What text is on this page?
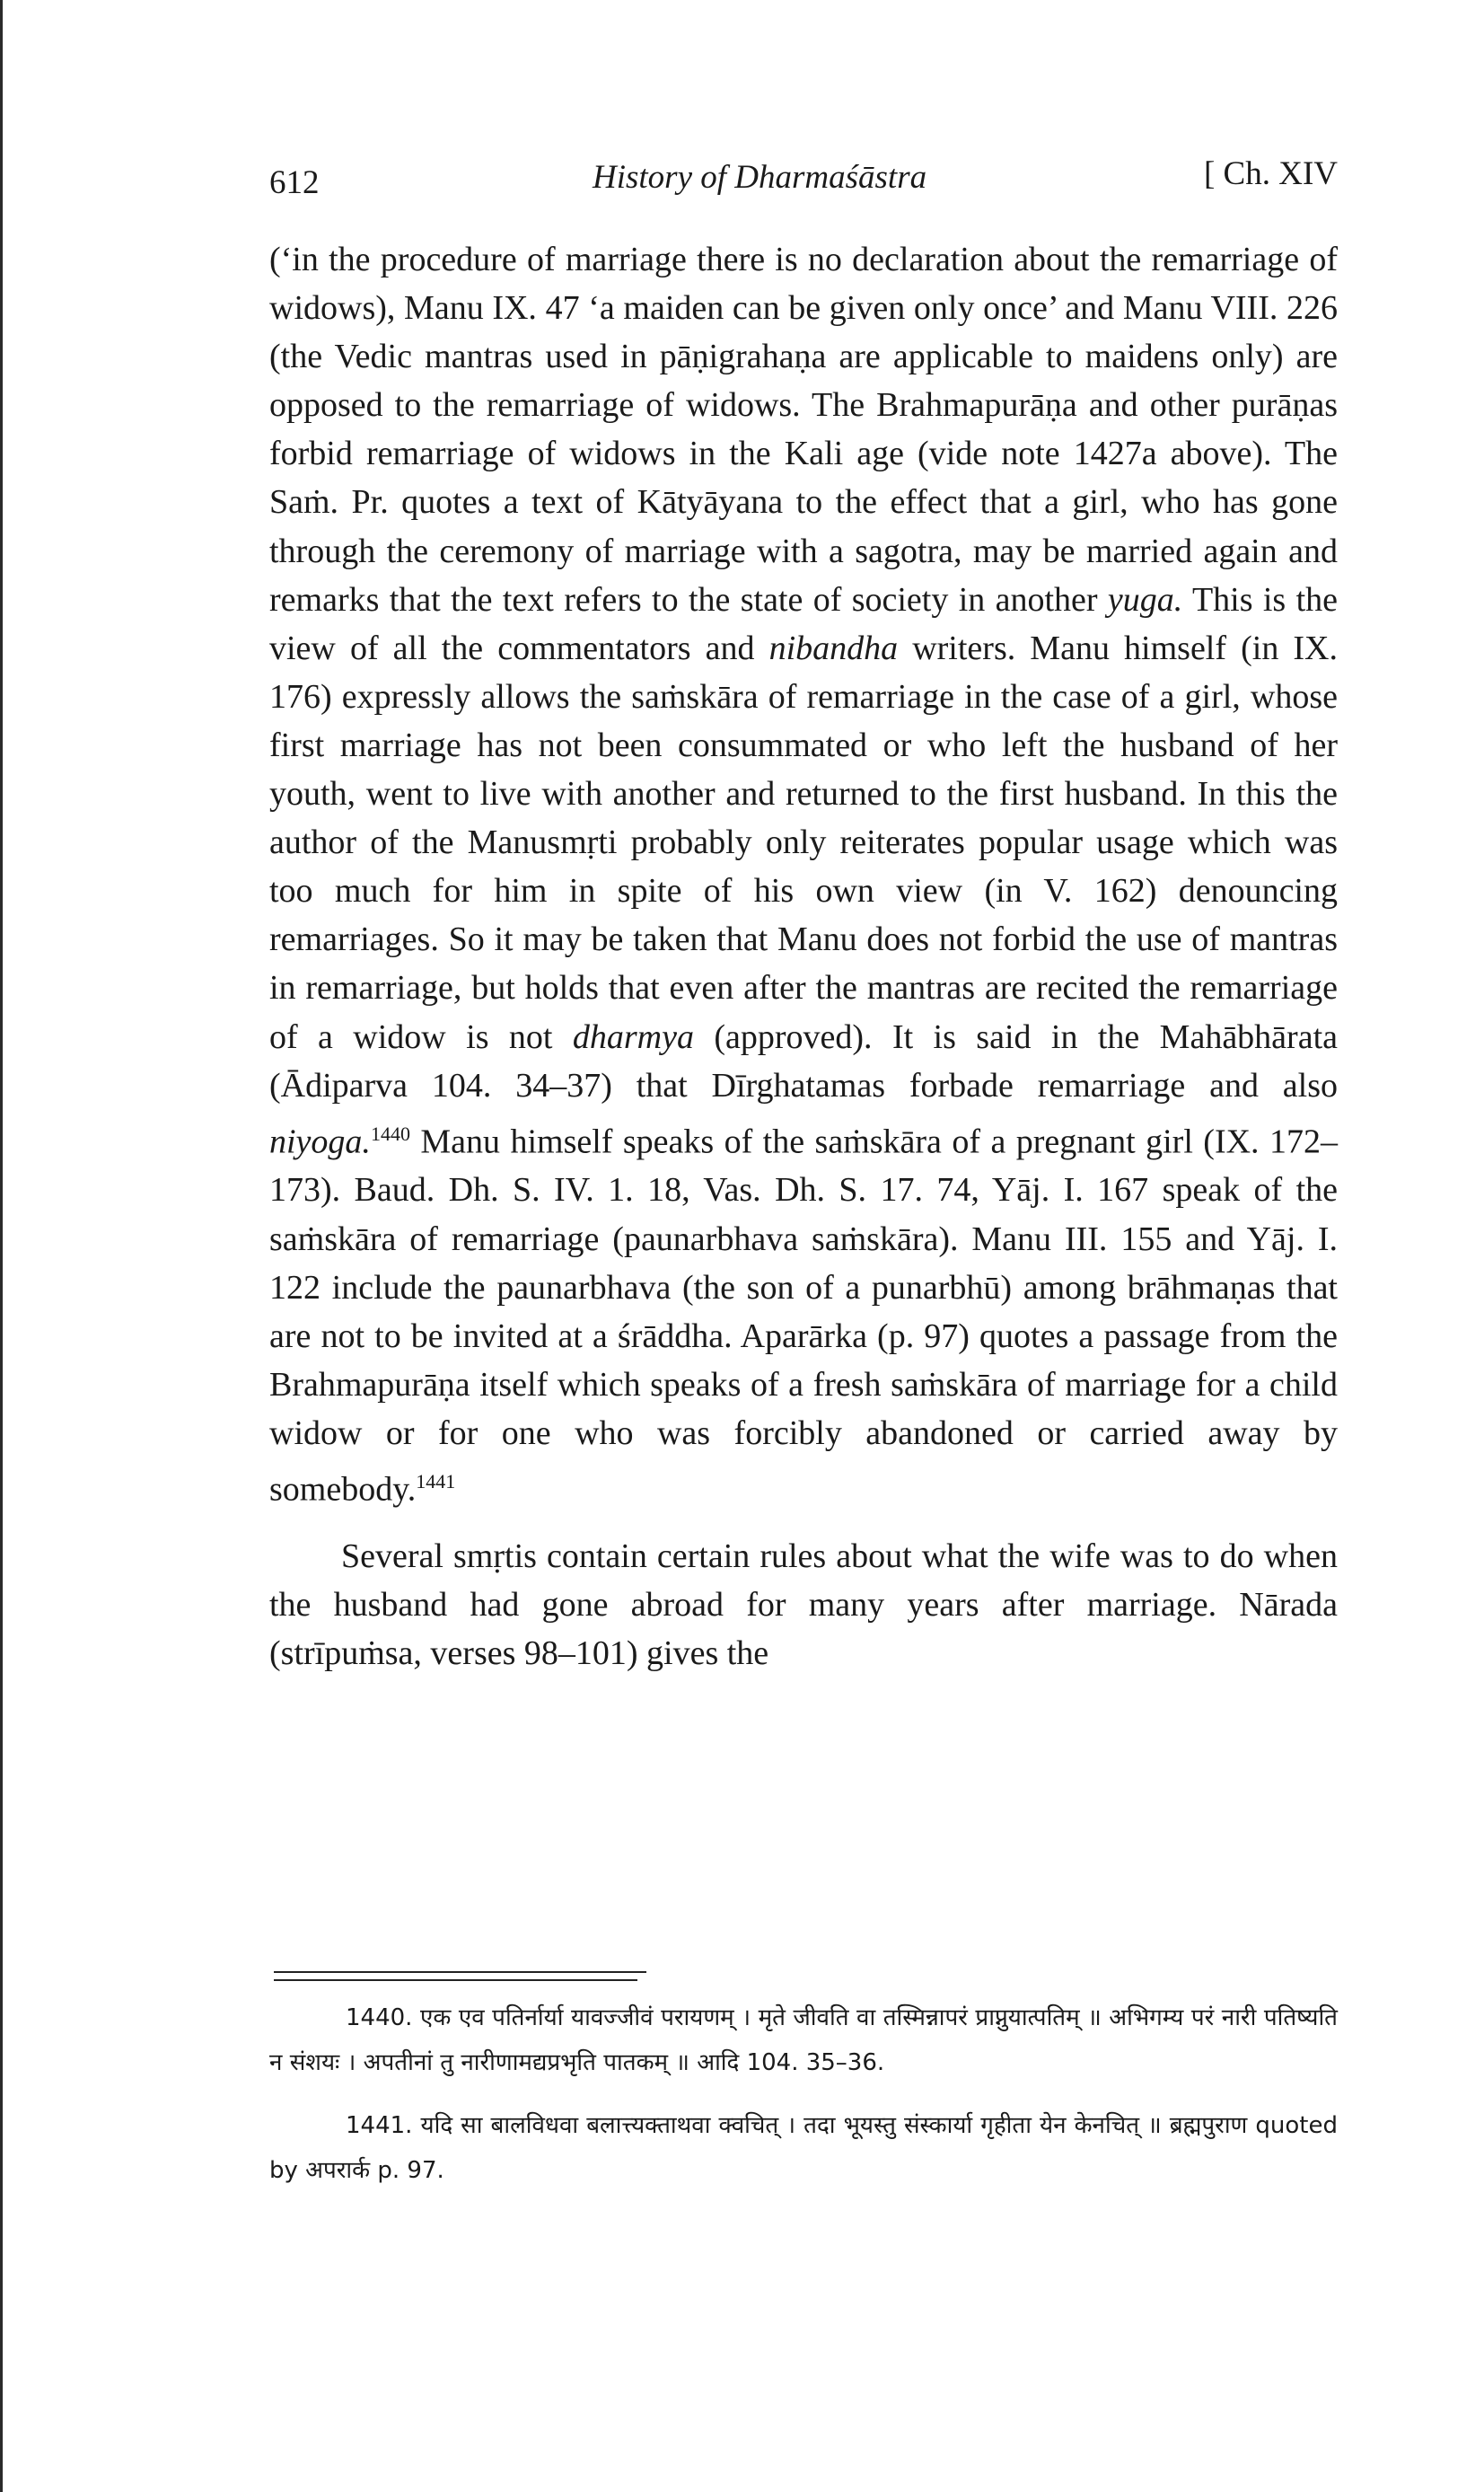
612	History of Dharmaśāstra	[ Ch. XIV

(‘in the procedure of marriage there is no declaration about the remarriage of widows), Manu IX. 47 ‘a maiden can be given only once’ and Manu VIII. 226 (the Vedic mantras used in pāṇigrahaṇa are applicable to maidens only) are opposed to the remarriage of widows. The Brahmapurāṇa and other purāṇas forbid remarriage of widows in the Kali age (vide note 1427a above). The Saṁ. Pr. quotes a text of Kātyāyana to the effect that a girl, who has gone through the ceremony of marriage with a sagotra, may be married again and remarks that the text refers to the state of society in another yuga. This is the view of all the commentators and nibandha writers. Manu himself (in IX. 176) expressly allows the saṁskāra of remarriage in the case of a girl, whose first marriage has not been consummated or who left the husband of her youth, went to live with another and returned to the first husband. In this the author of the Manusmṛti probably only reiterates popular usage which was too much for him in spite of his own view (in V. 162) denouncing remarriages. So it may be taken that Manu does not forbid the use of mantras in remarriage, but holds that even after the mantras are recited the remarriage of a widow is not dharmya (approved). It is said in the Mahābhārata (Ādiparva 104. 34–37) that Dīrghatamas forbade remarriage and also niyoga.$^{1440}$ Manu himself speaks of the saṁskāra of a pregnant girl (IX. 172–173). Baud. Dh. S. IV. 1. 18, Vas. Dh. S. 17. 74, Yāj. I. 167 speak of the saṁskāra of remarriage (paunarbhava saṁskāra). Manu III. 155 and Yāj. I. 122 include the paunarbhava (the son of a punarbhū) among brāhmaṇas that are not to be invited at a śrāddha. Aparārka (p. 97) quotes a passage from the Brahmapurāṇa itself which speaks of a fresh saṁskāra of marriage for a child widow or for one who was forcibly abandoned or carried away by somebody.$^{1441}$

Several smṛtis contain certain rules about what the wife was to do when the husband had gone abroad for many years after marriage. Nārada (strīpuṁsa, verses 98–101) gives the

1440. एक एव पतिर्नार्या यावज्जीवं परायणम् । मृते जीवति वा तस्मिन्नापरं प्राप्नुयात्पतिम् ॥ अभिगम्य परं नारी पतिष्यति न संशयः । अपतीनां तु नारीणामद्यप्रभृति पातकम् ॥ आदि 104. 35–36.

1441. यदि सा बालविधवा बलात्त्यक्ताथवा क्वचित् । तदा भूयस्तु संस्कार्या गृहीता येन केनचित् ॥ ब्रह्मपुराण quoted by अपरार्क p. 97.
